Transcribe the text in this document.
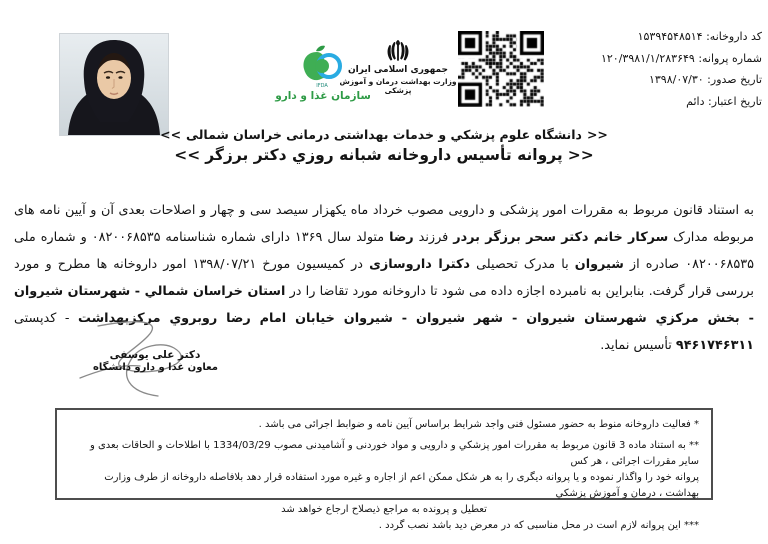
IFDA
سازمان غذا و دارو
جمهوری اسلامی ایران
وزارت بهداشت درمان و آموزش پزشکی
کد داروخانه: ۱۵۳۹۴۵۴۸۵۱۴
شماره پروانه: ۱۲۰/۳۹۸۱/۱/۲۸۳۶۴۹
تاریخ صدور: ۱۳۹۸/۰۷/۳۰
تاریخ اعتبار: دائم
<< دانشگاه علوم پزشكي و خدمات بهداشتی درمانی خراسان شمالی >>
<< پروانه تأسیس داروخانه شبانه روزي دکتر برزگر >>

به استناد قانون مربوط به مقررات امور پزشکی و دارویی مصوب خرداد ماه یکهزار سیصد سی و چهار و اصلاحات بعدی آن و آیین نامه های مربوطه مدارک سرکار خانم دکتر سحر برزگر بردر فرزند رضا متولد سال ۱۳۶۹ دارای شماره شناسنامه ۰۸۲۰۰۶۸۵۳۵ و شماره ملی ۰۸۲۰۰۶۸۵۳۵ صادره از شیروان با مدرک تحصیلی دکترا داروسازی در کمیسیون مورخ ۱۳۹۸/۰۷/۲۱ امور داروخانه ها مطرح و مورد بررسی قرار گرفت. بنابراین به نامبرده اجازه داده می شود تا داروخانه مورد تقاضا را در استان خراسان شمالي - شهرستان شیروان - بخش مرکزي شهرستان شیروان - شهر شیروان - شیروان خیابان امام رضا روبروي مرکزبهداشت - کدپستی ۹۴۶۱۷۴۶۳۱۱ تأسیس نماید.

دکتر علی یوسفی
معاون غذا و دارو دانشگاه
* فعالیت داروخانه منوط به حضور مسئول فنی واجد شرایط براساس آیین نامه و ضوابط اجرائی می باشد .
** به استناد ماده 3 قانون مربوط به مقررات امور پزشكي و دارویی و مواد خوردنی و آشامیدنی مصوب 1334/03/29 با اطلاحات و الحاقات بعدی و سایر مقررات اجرائی ، هر کس
پروانه خود را واگذار نموده و یا پروانه دیگری را به هر شکل ممکن اعم از اجاره و غیره مورد استفاده قرار دهد بلافاصله داروخانه از طرف وزارت بهداشت ، درمان و آموزش پزشكي
تعطیل و پرونده به مراجع ذیصلاح ارجاع خواهد شد
*** این پروانه لازم است در محل مناسبی که در معرض دید باشد نصب گردد .
